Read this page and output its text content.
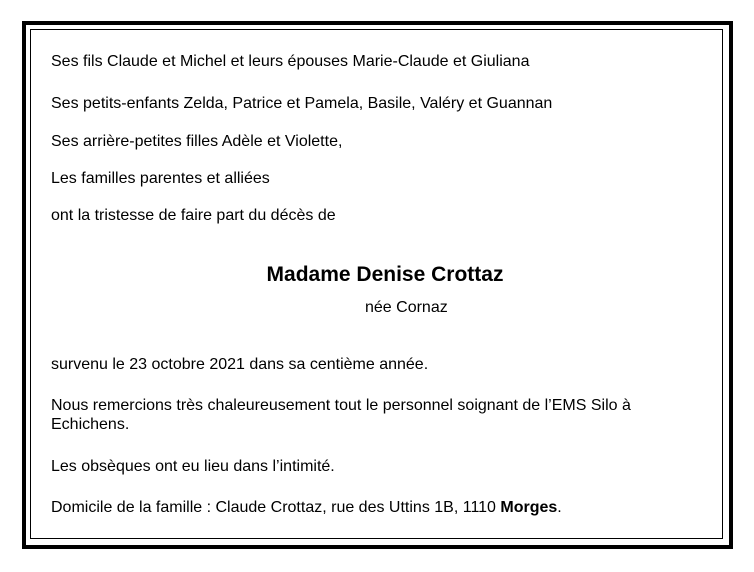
Ses fils Claude et Michel et leurs épouses Marie-Claude et Giuliana
Ses petits-enfants Zelda, Patrice et Pamela, Basile, Valéry et Guannan
Ses arrière-petites filles Adèle et Violette,
Les familles parentes et alliées
ont la tristesse de faire part du décès de
Madame Denise Crottaz
née Cornaz
survenu le 23 octobre 2021 dans sa centième année.
Nous remercions très chaleureusement tout le personnel soignant de l’EMS Silo à Echichens.
Les obsèques ont eu lieu dans l’intimité.
Domicile de la famille : Claude Crottaz, rue des Uttins 1B, 1110 Morges.
